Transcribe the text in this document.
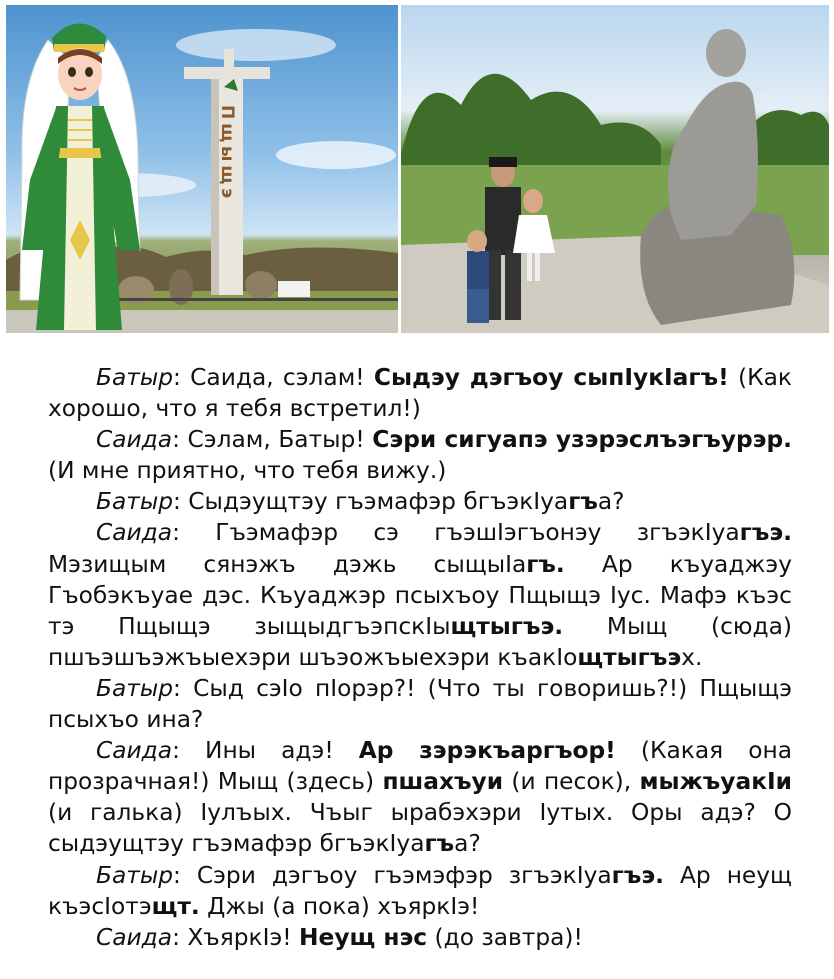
Пщыщэ

Батыр: Саида, сэлам! Сыдэу дэгъоу сыпIукIагъ! (Как хорошо, что я тебя встретил!)

Саида: Сэлам, Батыр! Сэри сигуапэ узэрэслъэгъурэр. (И мне приятно, что тебя вижу.)

Батыр: Сыдэущтэу гъэмафэр бгъэкIуагъа?

Саида: Гъэмафэр сэ гъэшIэгъонэу згъэкIуагъэ. Мэзищым сянэжъ дэжь сыщыIагъ. Ар къуаджэу Гъобэкъуае дэс. Къуаджэр псыхъоу Пщыщэ Iус. Мафэ къэс тэ Пщыщэ зыщыдгъэпскIыщтыгъэ. Мыщ (сюда) пшъэшъэжъыехэри шъэожъыехэри къакIощтыгъэх.

Батыр: Сыд сэIо пIорэр?! (Что ты говоришь?!) Пщыщэ псыхъо ина?

Саида: Ины адэ! Ар зэрэкъаргъор! (Какая она прозрачная!) Мыщ (здесь) пшахъуи (и песок), мыжъуакIи (и галька) Iулъых. Чъыг ырабэхэри Iутых. Оры адэ? О сыдэущтэу гъэмафэр бгъэкIуагъа?

Батыр: Сэри дэгъоу гъэмэфэр згъэкIуагъэ. Ар неущ къэсIотэщт. Джы (а пока) хъяркIэ!

Саида: ХъяркIэ! Неущ нэс (до завтра)!
